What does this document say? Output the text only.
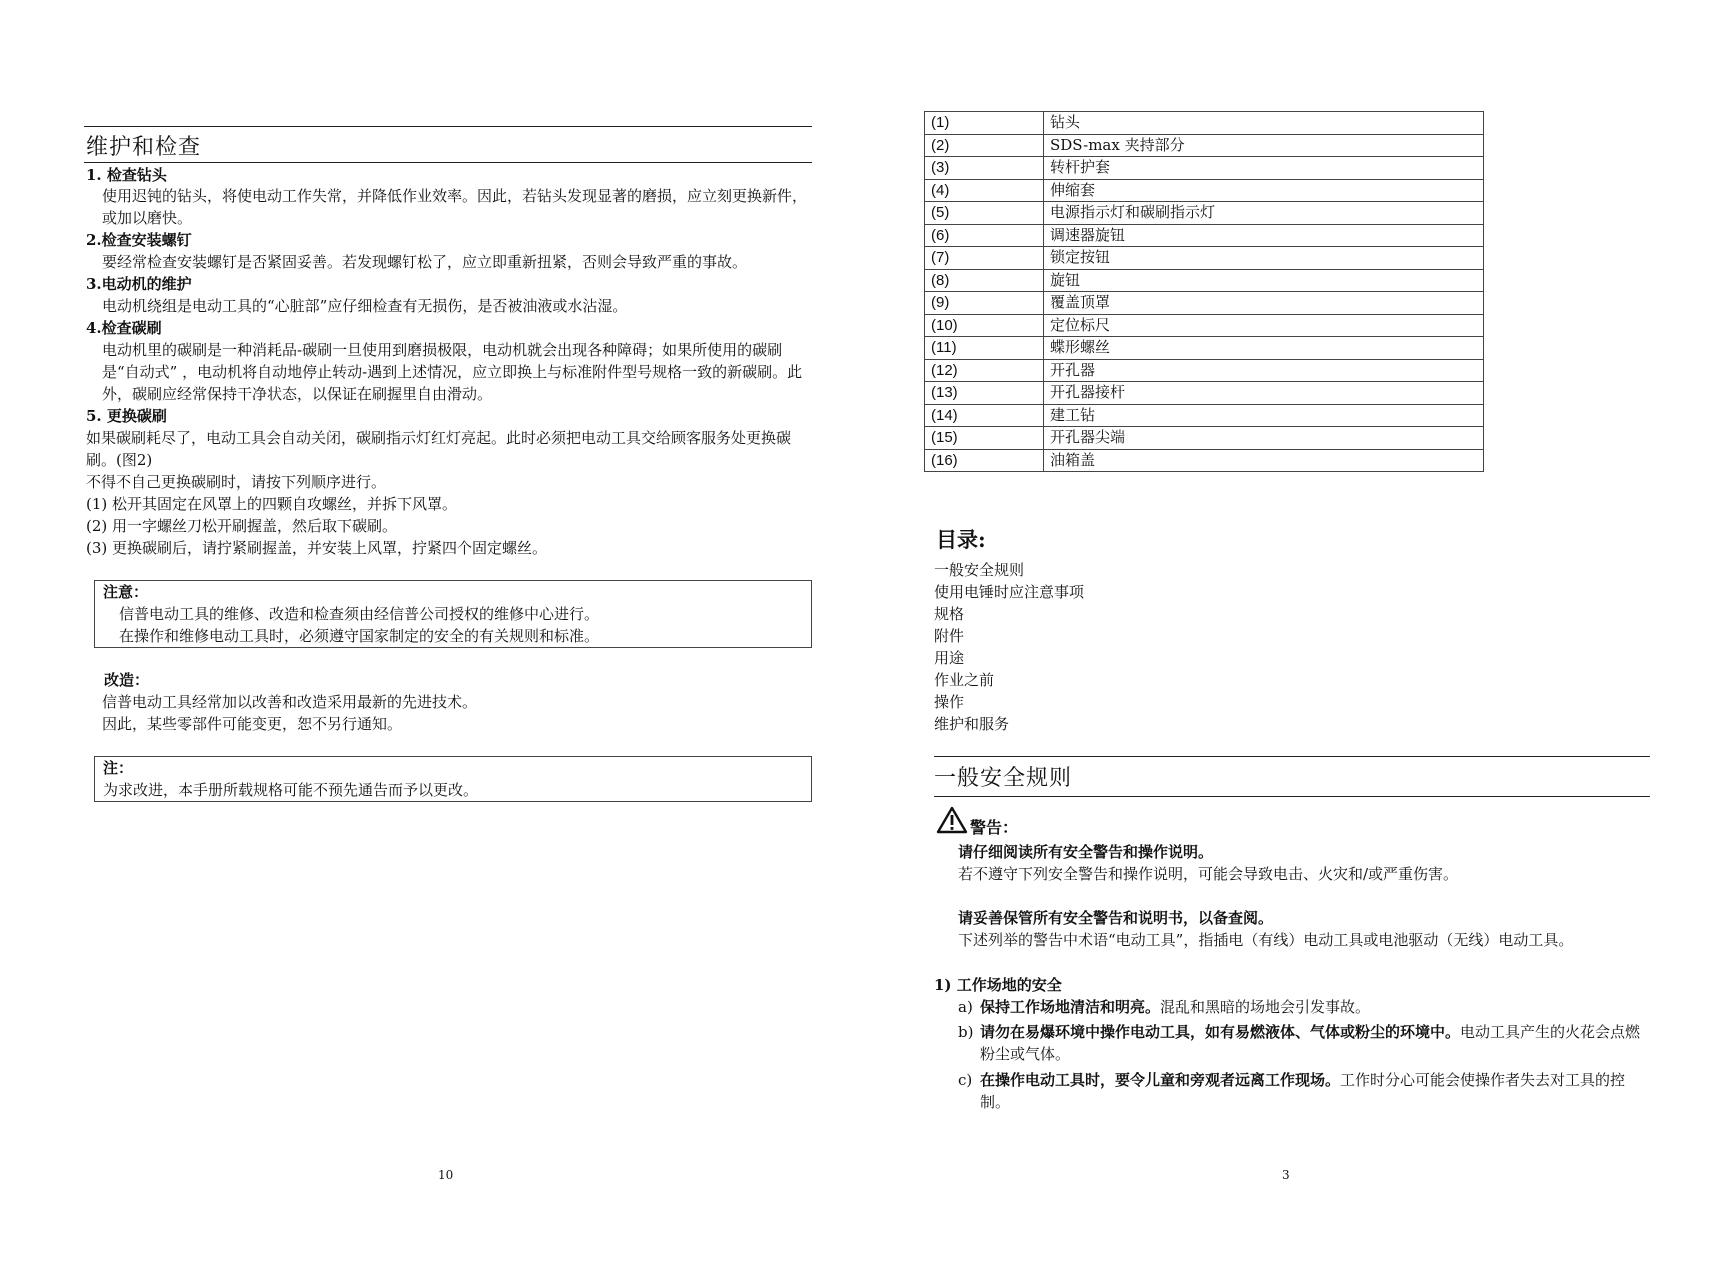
维护和检查
1. 检查钻头
使用迟钝的钻头，将使电动工作失常，并降低作业效率。因此，若钻头发现显著的磨损，应立刻更换新件，或加以磨快。
2.检查安装螺钉
要经常检查安装螺钉是否紧固妥善。若发现螺钉松了，应立即重新扭紧，否则会导致严重的事故。
3.电动机的维护
电动机绕组是电动工具的“心脏部”应仔细检查有无损伤，是否被油液或水沾湿。
4.检查碳刷
电动机里的碳刷是一种消耗品-碳刷一旦使用到磨损极限，电动机就会出现各种障碍；如果所使用的碳刷是“自动式” ，电动机将自动地停止转动-遇到上述情况，应立即换上与标准附件型号规格一致的新碳刷。此外，碳刷应经常保持干净状态，以保证在刷握里自由滑动。
5. 更换碳刷
如果碳刷耗尽了，电动工具会自动关闭，碳刷指示灯红灯亮起。此时必须把电动工具交给顾客服务处更换碳刷。(图2)
不得不自己更换碳刷时，请按下列顺序进行。
(1) 松开其固定在风罩上的四颗自攻螺丝，并拆下风罩。
(2) 用一字螺丝刀松开刷握盖，然后取下碳刷。
(3) 更换碳刷后，请拧紧刷握盖，并安装上风罩，拧紧四个固定螺丝。
注意：
信普电动工具的维修、改造和检查须由经信普公司授权的维修中心进行。
在操作和维修电动工具时，必须遵守国家制定的安全的有关规则和标准。
改造：
信普电动工具经常加以改善和改造采用最新的先进技术。
因此，某些零部件可能变更，恕不另行通知。
注：
为求改进，本手册所载规格可能不预先通告而予以更改。
10
(1)	钻头
(2)	SDS-max 夹持部分
(3)	转杆护套
(4)	伸缩套
(5)	电源指示灯和碳刷指示灯
(6)	调速器旋钮
(7)	锁定按钮
(8)	旋钮
(9)	覆盖顶罩
(10)	定位标尺
(11)	蝶形螺丝
(12)	开孔器
(13)	开孔器接杆
(14)	建工钻
(15)	开孔器尖端
(16)	油箱盖
目录:
一般安全规则
使用电锤时应注意事项
规格
附件
用途
作业之前
操作
维护和服务
一般安全规则
警告：
请仔细阅读所有安全警告和操作说明。
若不遵守下列安全警告和操作说明，可能会导致电击、火灾和/或严重伤害。
请妥善保管所有安全警告和说明书，以备查阅。
下述列举的警告中术语“电动工具”，指插电（有线）电动工具或电池驱动（无线）电动工具。
1) 工作场地的安全
a) 保持工作场地清洁和明亮。混乱和黑暗的场地会引发事故。
b) 请勿在易爆环境中操作电动工具，如有易燃液体、气体或粉尘的环境中。电动工具产生的火花会点燃粉尘或气体。
c) 在操作电动工具时，要令儿童和旁观者远离工作现场。工作时分心可能会使操作者失去对工具的控制。
3
